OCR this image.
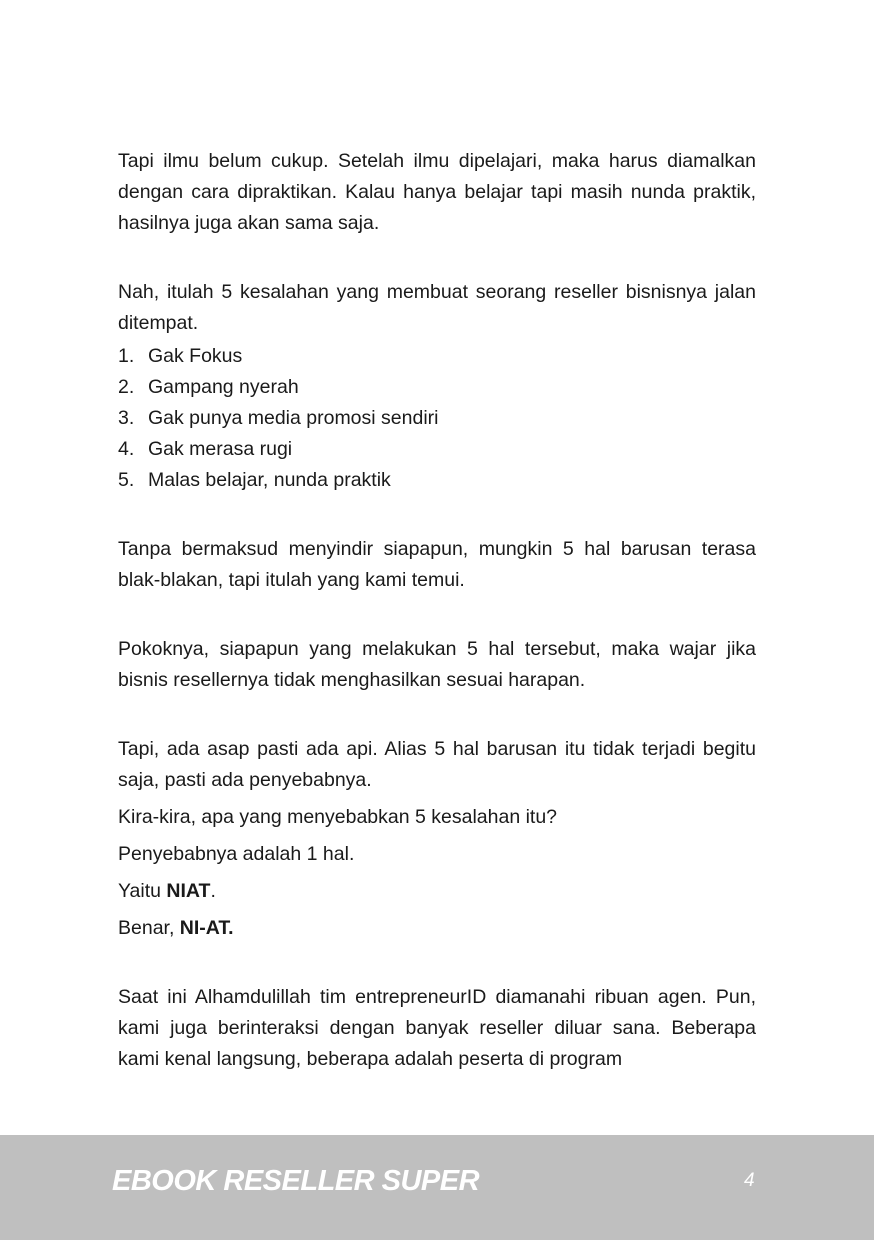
Tapi ilmu belum cukup. Setelah ilmu dipelajari, maka harus diamalkan dengan cara dipraktikan. Kalau hanya belajar tapi masih nunda praktik, hasilnya juga akan sama saja.

Nah, itulah 5 kesalahan yang membuat seorang reseller bisnisnya jalan ditempat.

1. Gak Fokus
2. Gampang nyerah
3. Gak punya media promosi sendiri
4. Gak merasa rugi
5. Malas belajar, nunda praktik

Tanpa bermaksud menyindir siapapun, mungkin 5 hal barusan terasa blak-blakan, tapi itulah yang kami temui.

Pokoknya, siapapun yang melakukan 5 hal tersebut, maka wajar jika bisnis resellernya tidak menghasilkan sesuai harapan.

Tapi, ada asap pasti ada api. Alias 5 hal barusan itu tidak terjadi begitu saja, pasti ada penyebabnya.

Kira-kira, apa yang menyebabkan 5 kesalahan itu?

Penyebabnya adalah 1 hal.

Yaitu NIAT.

Benar, NI-AT.

Saat ini Alhamdulillah tim entrepreneurID diamanahi ribuan agen. Pun, kami juga berinteraksi dengan banyak reseller diluar sana. Beberapa kami kenal langsung, beberapa adalah peserta di program

EBOOK RESELLER SUPER	4
